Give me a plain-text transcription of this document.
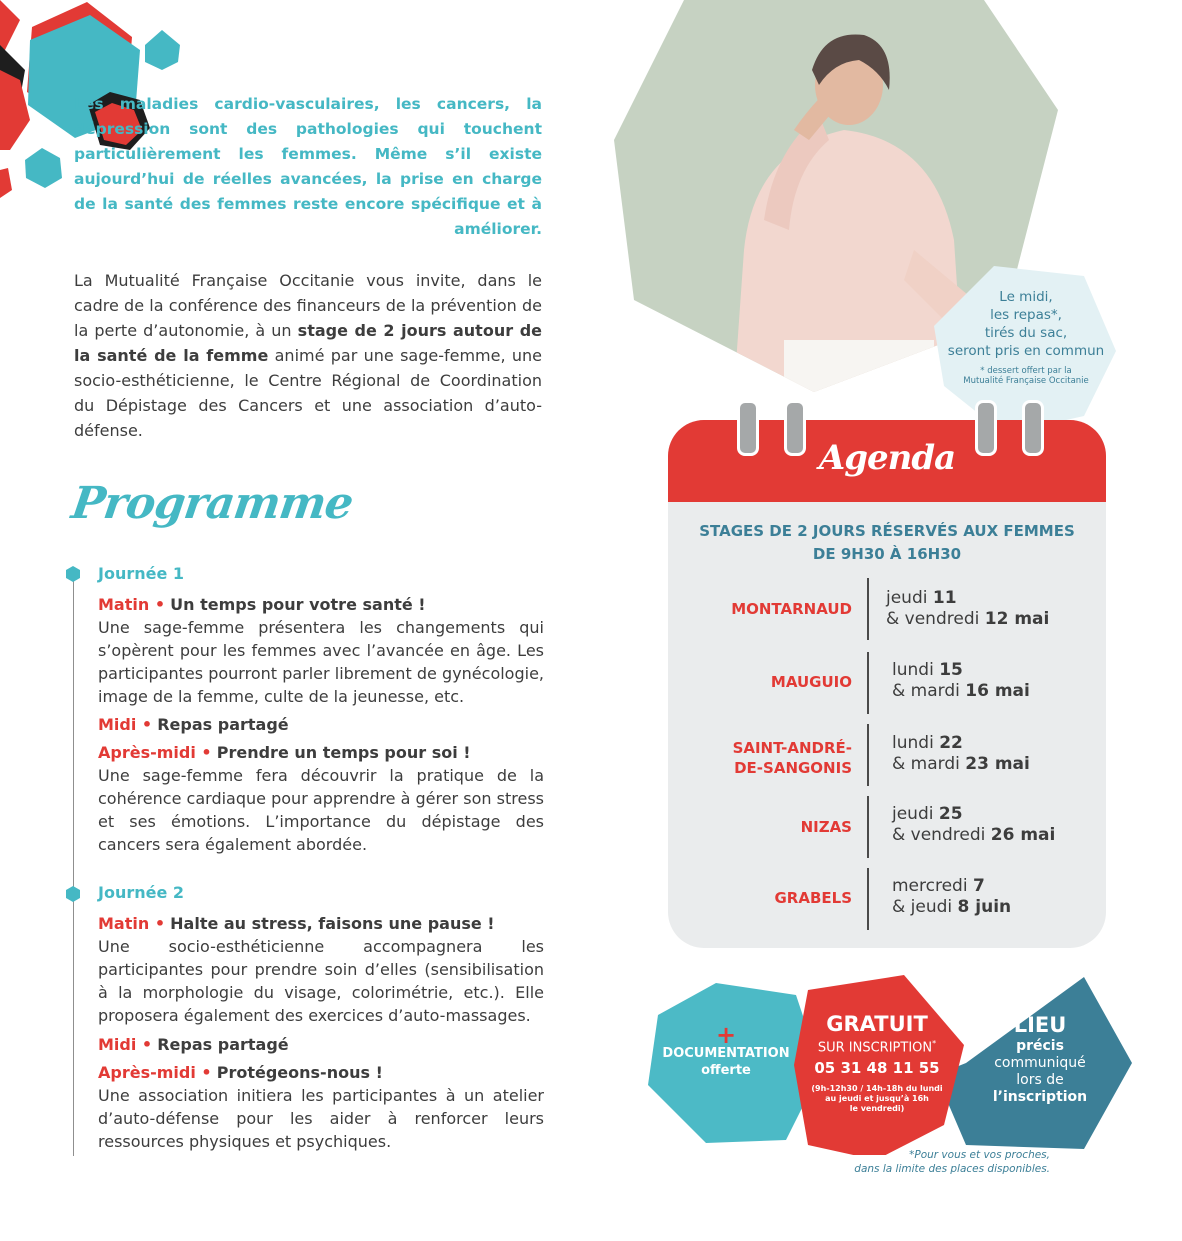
Les maladies cardio-vasculaires, les cancers, la dépression sont des pathologies qui touchent particulièrement les femmes. Même s’il existe aujourd’hui de réelles avancées, la prise en charge de la santé des femmes reste encore spécifique et à améliorer.
La Mutualité Française Occitanie vous invite, dans le cadre de la conférence des financeurs de la prévention de la perte d’autonomie, à un stage de 2 jours autour de la santé de la femme animé par une sage-femme, une socio-esthéticienne, le Centre Régional de Coordination du Dépistage des Cancers et une association d’auto-défense.
Programme
Journée 1
Matin • Un temps pour votre santé !
Une sage-femme présentera les changements qui s’opèrent pour les femmes avec l’avancée en âge. Les participantes pourront parler librement de gynécologie, image de la femme, culte de la jeunesse, etc.
Midi • Repas partagé
Après-midi • Prendre un temps pour soi !
Une sage-femme fera découvrir la pratique de la cohérence cardiaque pour apprendre à gérer son stress et ses émotions. L’importance du dépistage des cancers sera également abordée.
Journée 2
Matin • Halte au stress, faisons une pause !
Une socio-esthéticienne accompagnera les participantes pour prendre soin d’elles (sensibilisation à la morphologie du visage, colorimétrie, etc.). Elle proposera également des exercices d’auto-massages.
Midi • Repas partagé
Après-midi • Protégeons-nous !
Une association initiera les participantes à un atelier d’auto-défense pour les aider à renforcer leurs ressources physiques et psychiques.
Le midi,
les repas*,
tirés du sac,
seront pris en commun
* dessert offert par la
Mutualité Française Occitanie
Agenda
STAGES DE 2 JOURS RÉSERVÉS AUX FEMMES
DE 9H30 À 16H30
MONTARNAUD
jeudi 11
& vendredi 12 mai
MAUGUIO
lundi 15
& mardi 16 mai
SAINT-ANDRÉ-
DE-SANGONIS
lundi 22
& mardi 23 mai
NIZAS
jeudi 25
& vendredi 26 mai
GRABELS
mercredi 7
& jeudi 8 juin
+
DOCUMENTATION
offerte
GRATUIT
SUR INSCRIPTION*
05 31 48 11 55
(9h-12h30 / 14h-18h du lundi
au jeudi et jusqu’à 16h
le vendredi)
LIEU
précis
communiqué
lors de
l’inscription
*Pour vous et vos proches,
dans la limite des places disponibles.
